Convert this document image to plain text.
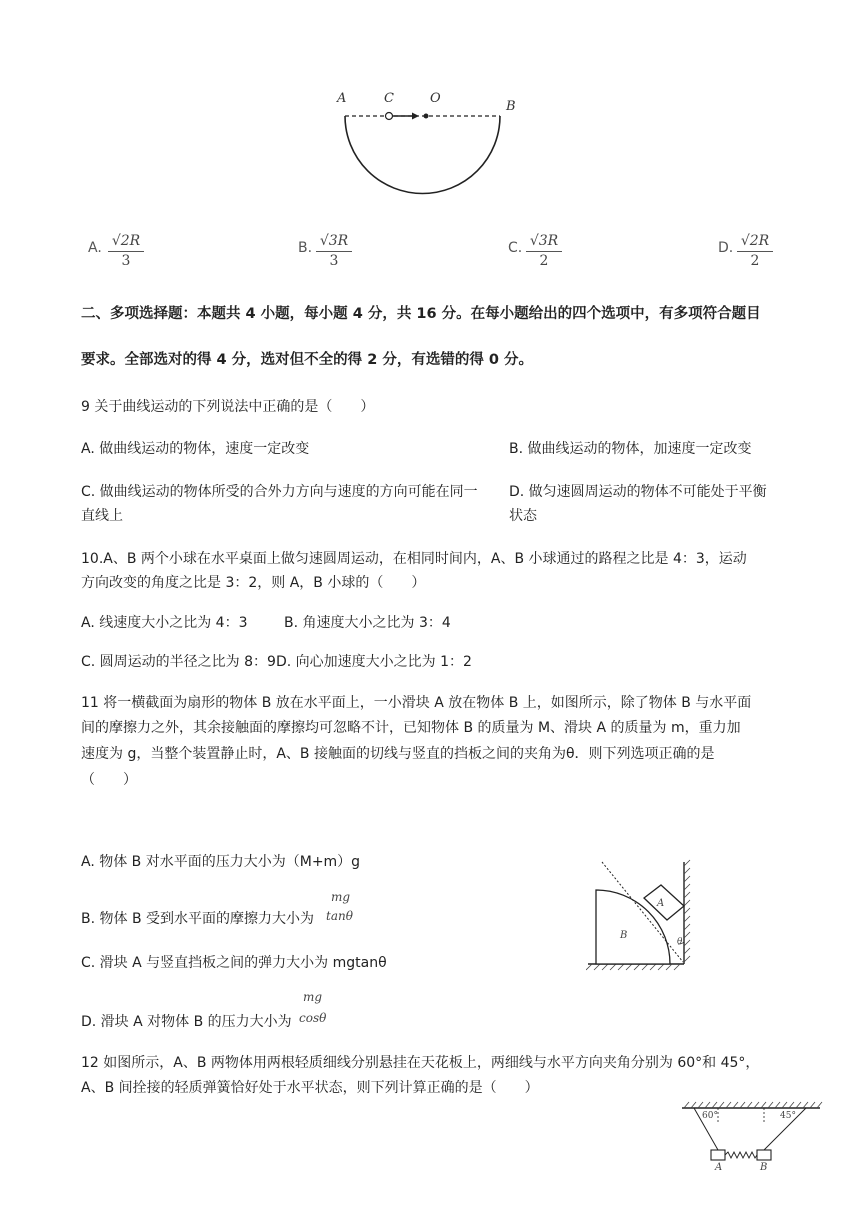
A	C	O
B
A. √2R
3
B. √3R
3
C. √3R
2
D. √2R
2
二、多项选择题：本题共 4 小题，每小题 4 分，共 16 分。在每小题给出的四个选项中，有多项符合题目
要求。全部选对的得 4 分，选对但不全的得 2 分，有选错的得 0 分。
9 关于曲线运动的下列说法中正确的是（　　）
A. 做曲线运动的物体，速度一定改变	B. 做曲线运动的物体，加速度一定改变
C. 做曲线运动的物体所受的合外力方向与速度的方向可能在同一
直线上
D. 做匀速圆周运动的物体不可能处于平衡
状态
10.A、B 两个小球在水平桌面上做匀速圆周运动，在相同时间内，A、B 小球通过的路程之比是 4：3，运动
方向改变的角度之比是 3：2，则 A，B 小球的（　　）
A. 线速度大小之比为 4：3	B. 角速度大小之比为 3：4
C. 圆周运动的半径之比为 8：9D. 向心加速度大小之比为 1：2
11 将一横截面为扇形的物体 B 放在水平面上，一小滑块 A 放在物体 B 上，如图所示，除了物体 B 与水平面
间的摩擦力之外，其余接触面的摩擦均可忽略不计，已知物体 B 的质量为 M、滑块 A 的质量为 m，重力加
速度为 g，当整个装置静止时，A、B 接触面的切线与竖直的挡板之间的夹角为θ．则下列选项正确的是
（　　）
A. 物体 B 对水平面的压力大小为（M+m）g
B. 物体 B 受到水平面的摩擦力大小为
mg
tanθ
C. 滑块 A 与竖直挡板之间的弹力大小为 mgtanθ
D. 滑块 A 对物体 B 的压力大小为
mg
cosθ
A
B
θ
12 如图所示，A、B 两物体用两根轻质细线分别悬挂在天花板上，两细线与水平方向夹角分别为 60°和 45°，
A、B 间拴接的轻质弹簧恰好处于水平状态，则下列计算正确的是（　　）
60°	45°
A	B
